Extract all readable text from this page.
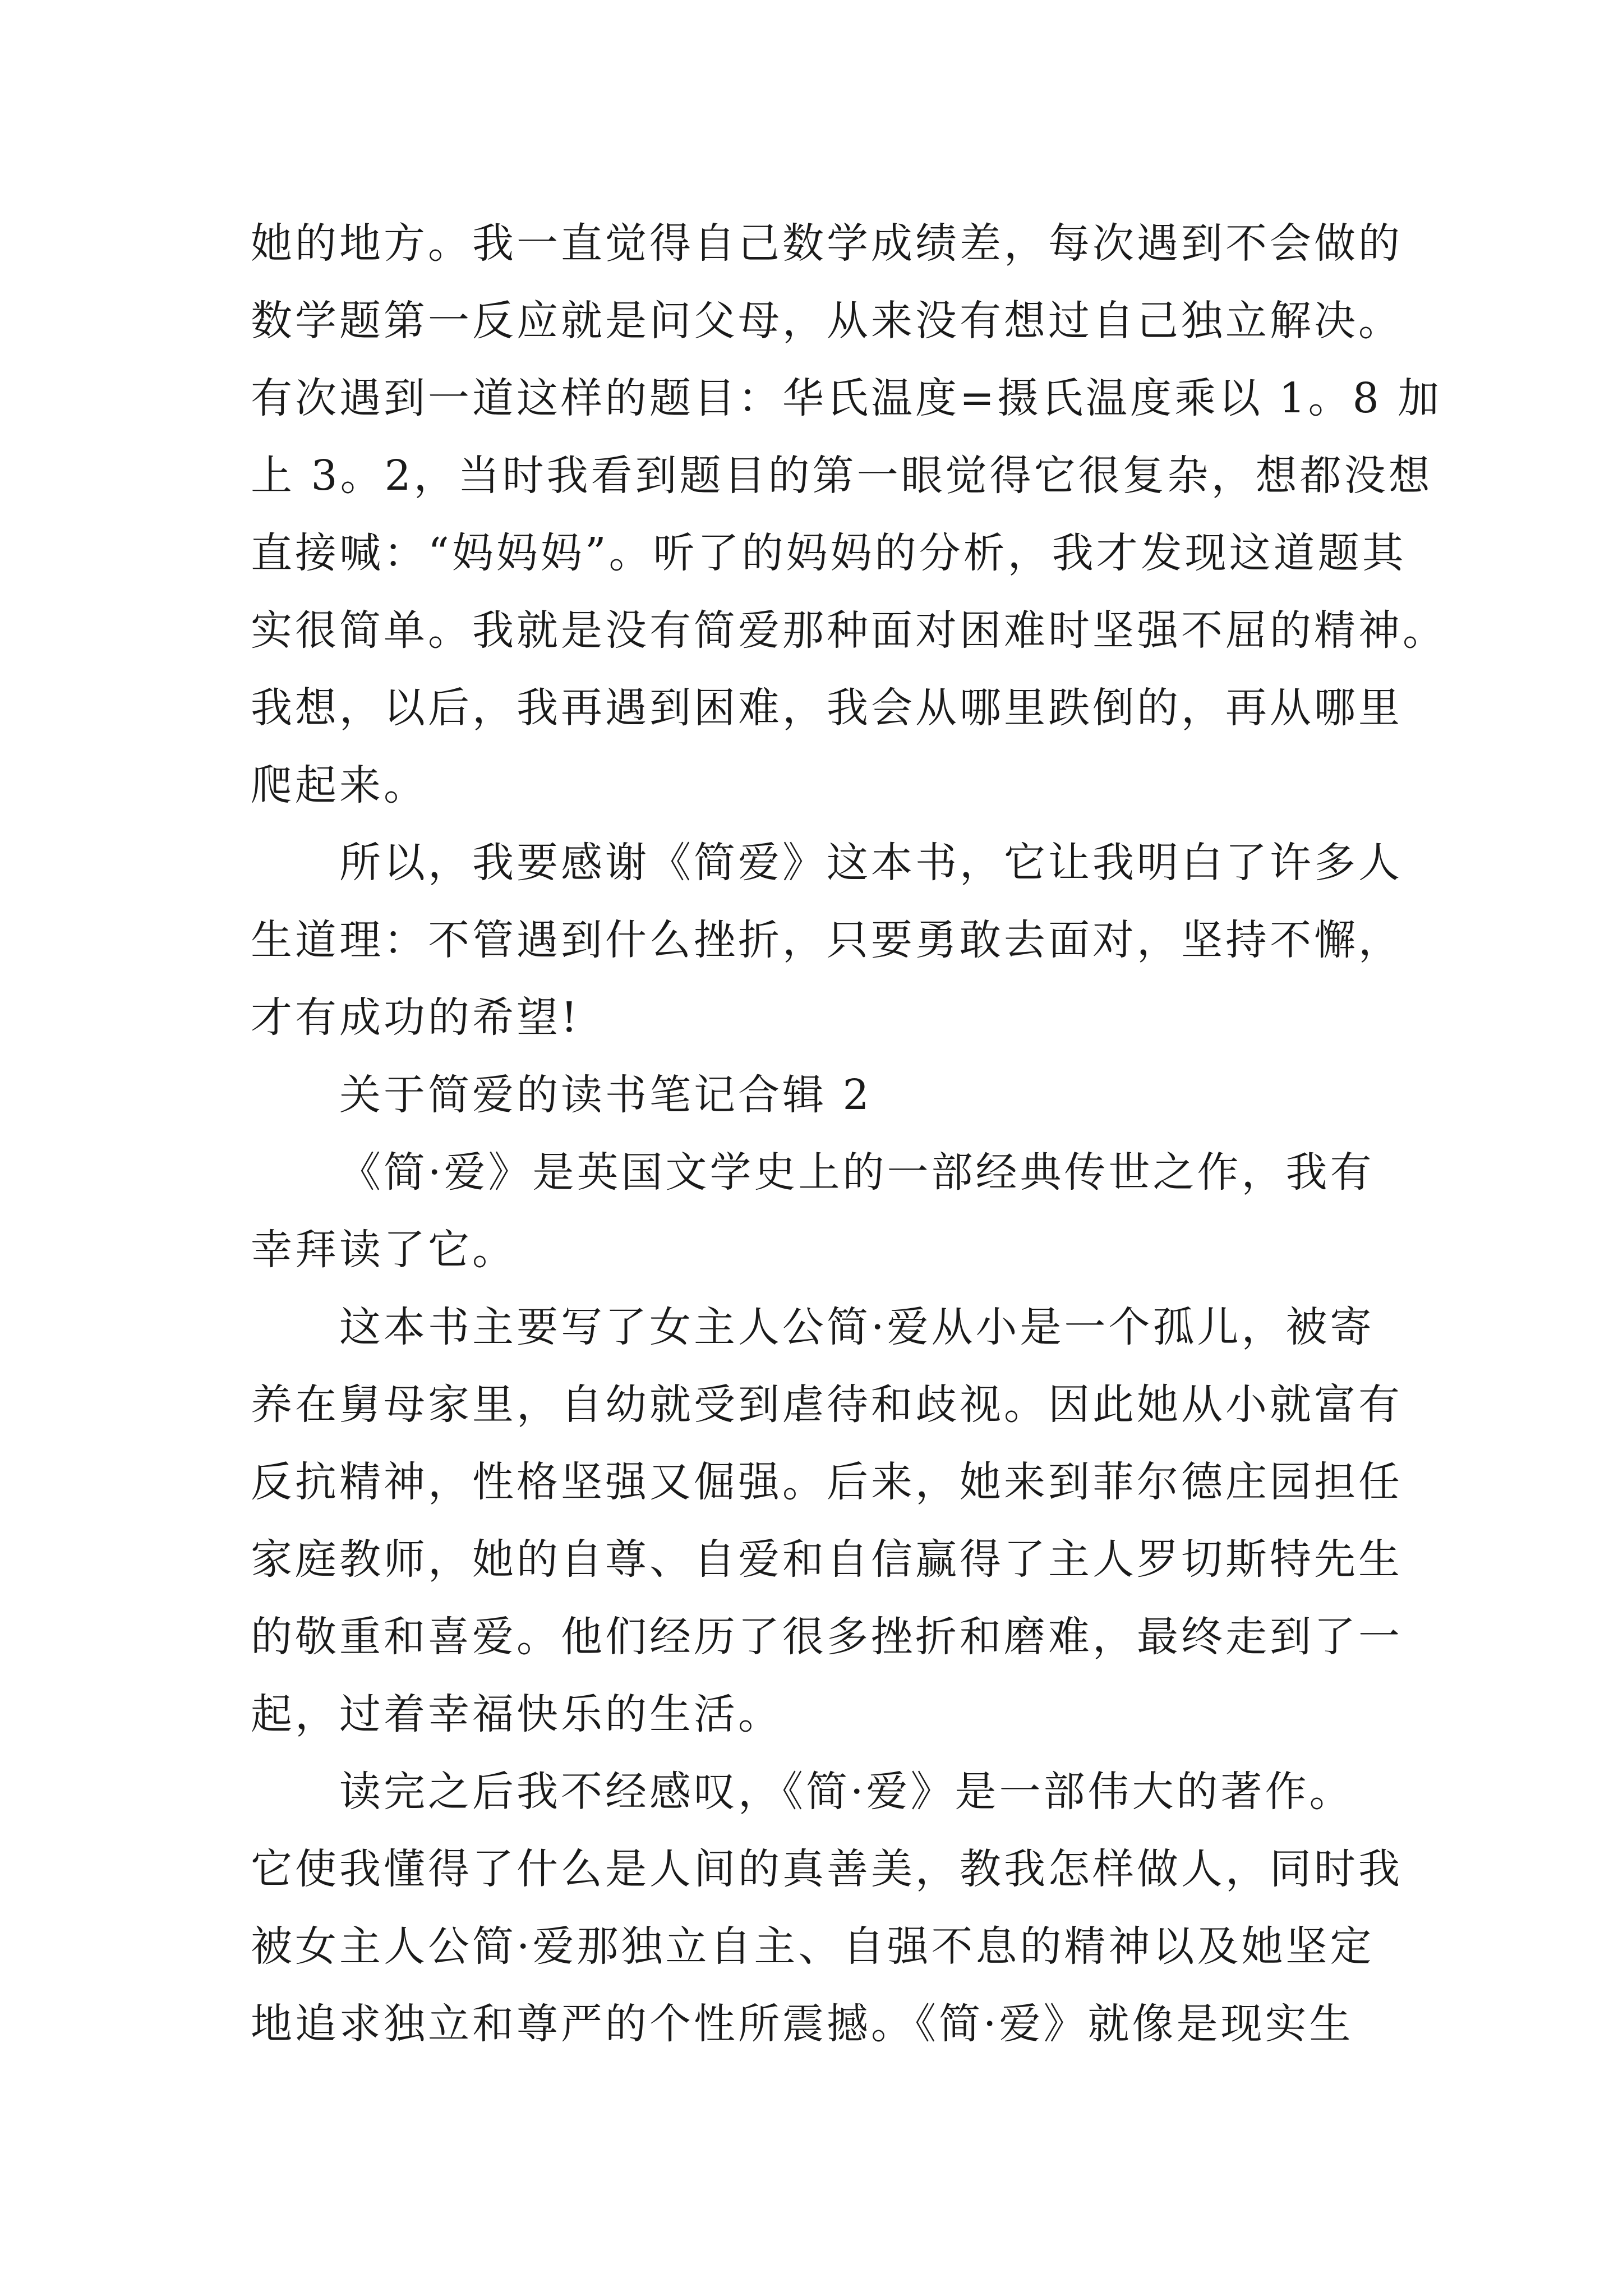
她的地方。我一直觉得自己数学成绩差，每次遇到不会做的
数学题第一反应就是问父母，从来没有想过自己独立解决。
有次遇到一道这样的题目：华氏温度=摄氏温度乘以 1。8 加
上 3。2，当时我看到题目的第一眼觉得它很复杂，想都没想
直接喊：“妈妈妈”。听了的妈妈的分析，我才发现这道题其
实很简单。我就是没有简爱那种面对困难时坚强不屈的精神。
我想，以后，我再遇到困难，我会从哪里跌倒的，再从哪里
爬起来。
所以，我要感谢《简爱》这本书，它让我明白了许多人
生道理：不管遇到什么挫折，只要勇敢去面对，坚持不懈，
才有成功的希望!
关于简爱的读书笔记合辑 2
《简·爱》是英国文学史上的一部经典传世之作，我有
幸拜读了它。
这本书主要写了女主人公简·爱从小是一个孤儿，被寄
养在舅母家里，自幼就受到虐待和歧视。因此她从小就富有
反抗精神，性格坚强又倔强。后来，她来到菲尔德庄园担任
家庭教师，她的自尊、自爱和自信赢得了主人罗切斯特先生
的敬重和喜爱。他们经历了很多挫折和磨难，最终走到了一
起，过着幸福快乐的生活。
读完之后我不经感叹，《简·爱》是一部伟大的著作。
它使我懂得了什么是人间的真善美，教我怎样做人，同时我
被女主人公简·爱那独立自主、自强不息的精神以及她坚定
地追求独立和尊严的个性所震撼。《简·爱》就像是现实生
